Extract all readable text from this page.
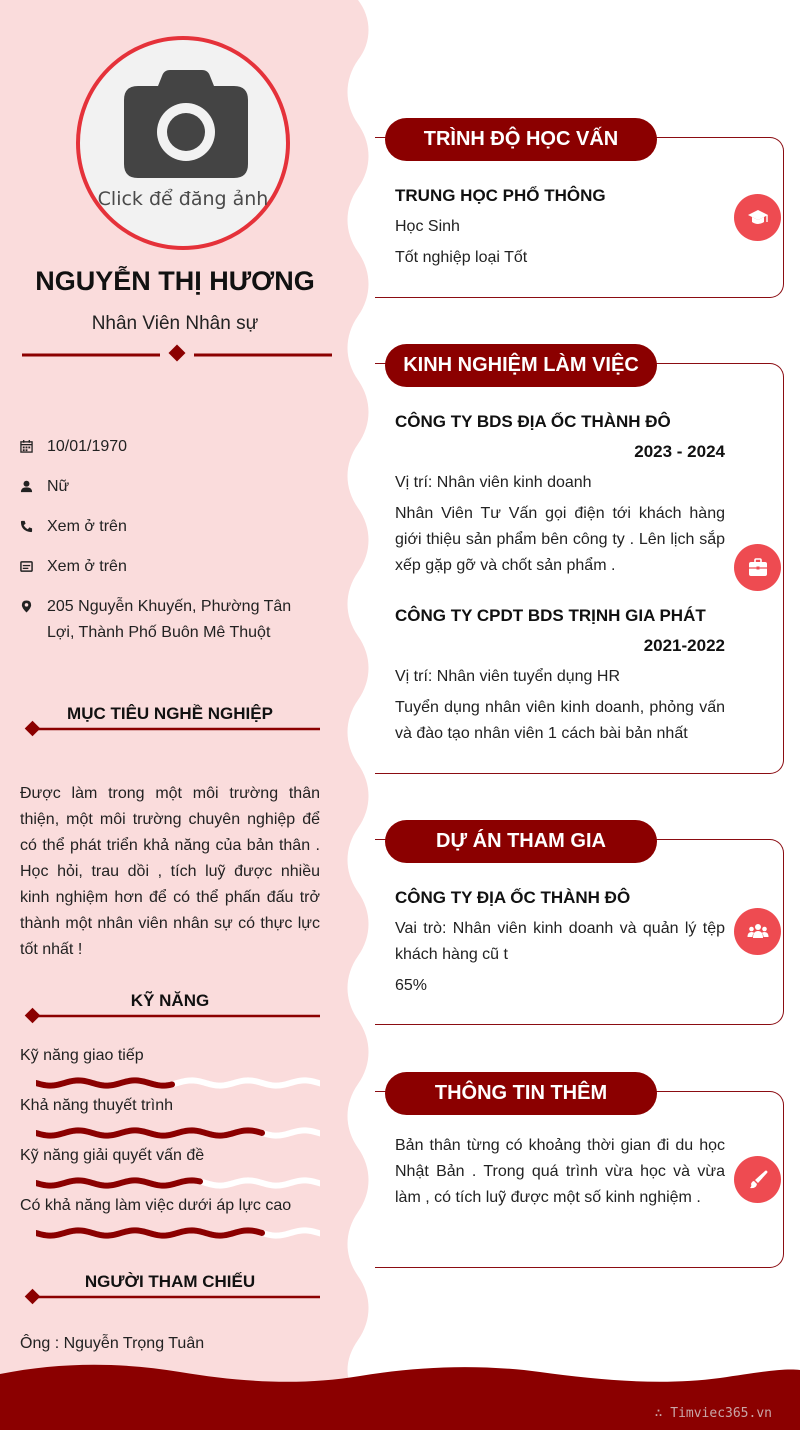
Click để đăng ảnh
NGUYỄN THỊ HƯƠNG
Nhân Viên Nhân sự
10/01/1970
Nữ
Xem ở trên
Xem ở trên
205 Nguyễn Khuyến, Phường Tân
Lợi, Thành Phố Buôn Mê Thuột
MỤC TIÊU NGHỀ NGHIỆP
Được làm trong một môi trường thân thiện, một môi trường chuyên nghiệp để có thể phát triển khả năng của bản thân . Học hỏi, trau dồi , tích luỹ được nhiều kinh nghiệm hơn để có thể phấn đấu trở thành một nhân viên nhân sự có thực lực tốt nhất !
KỸ NĂNG
Kỹ năng giao tiếp
Khả năng thuyết trình
Kỹ năng giải quyết vấn đề
Có khả năng làm việc dưới áp lực cao
NGƯỜI THAM CHIẾU
Ông : Nguyễn Trọng Tuân
TRÌNH ĐỘ HỌC VẤN
TRUNG HỌC PHỔ THÔNG
Học Sinh
Tốt nghiệp loại Tốt
KINH NGHIỆM LÀM VIỆC
CÔNG TY BDS ĐỊA ỐC THÀNH ĐÔ
2023 - 2024
Vị trí: Nhân viên kinh doanh
Nhân Viên Tư Vấn gọi điện tới khách hàng giới thiệu sản phẩm bên công ty . Lên lịch sắp xếp gặp gỡ và chốt sản phẩm .
CÔNG TY CPDT BDS TRỊNH GIA PHÁT
2021-2022
Vị trí: Nhân viên tuyển dụng HR
Tuyển dụng nhân viên kinh doanh, phỏng vấn và đào tạo nhân viên 1 cách bài bản nhất
DỰ ÁN THAM GIA
CÔNG TY ĐỊA ỐC THÀNH ĐÔ
Vai trò: Nhân viên kinh doanh và quản lý tệp khách hàng cũ t
65%
THÔNG TIN THÊM
Bản thân từng có khoảng thời gian đi du học Nhật Bản . Trong quá trình vừa học và vừa làm , có tích luỹ được một số kinh nghiệm .
∴ Timviec365.vn
